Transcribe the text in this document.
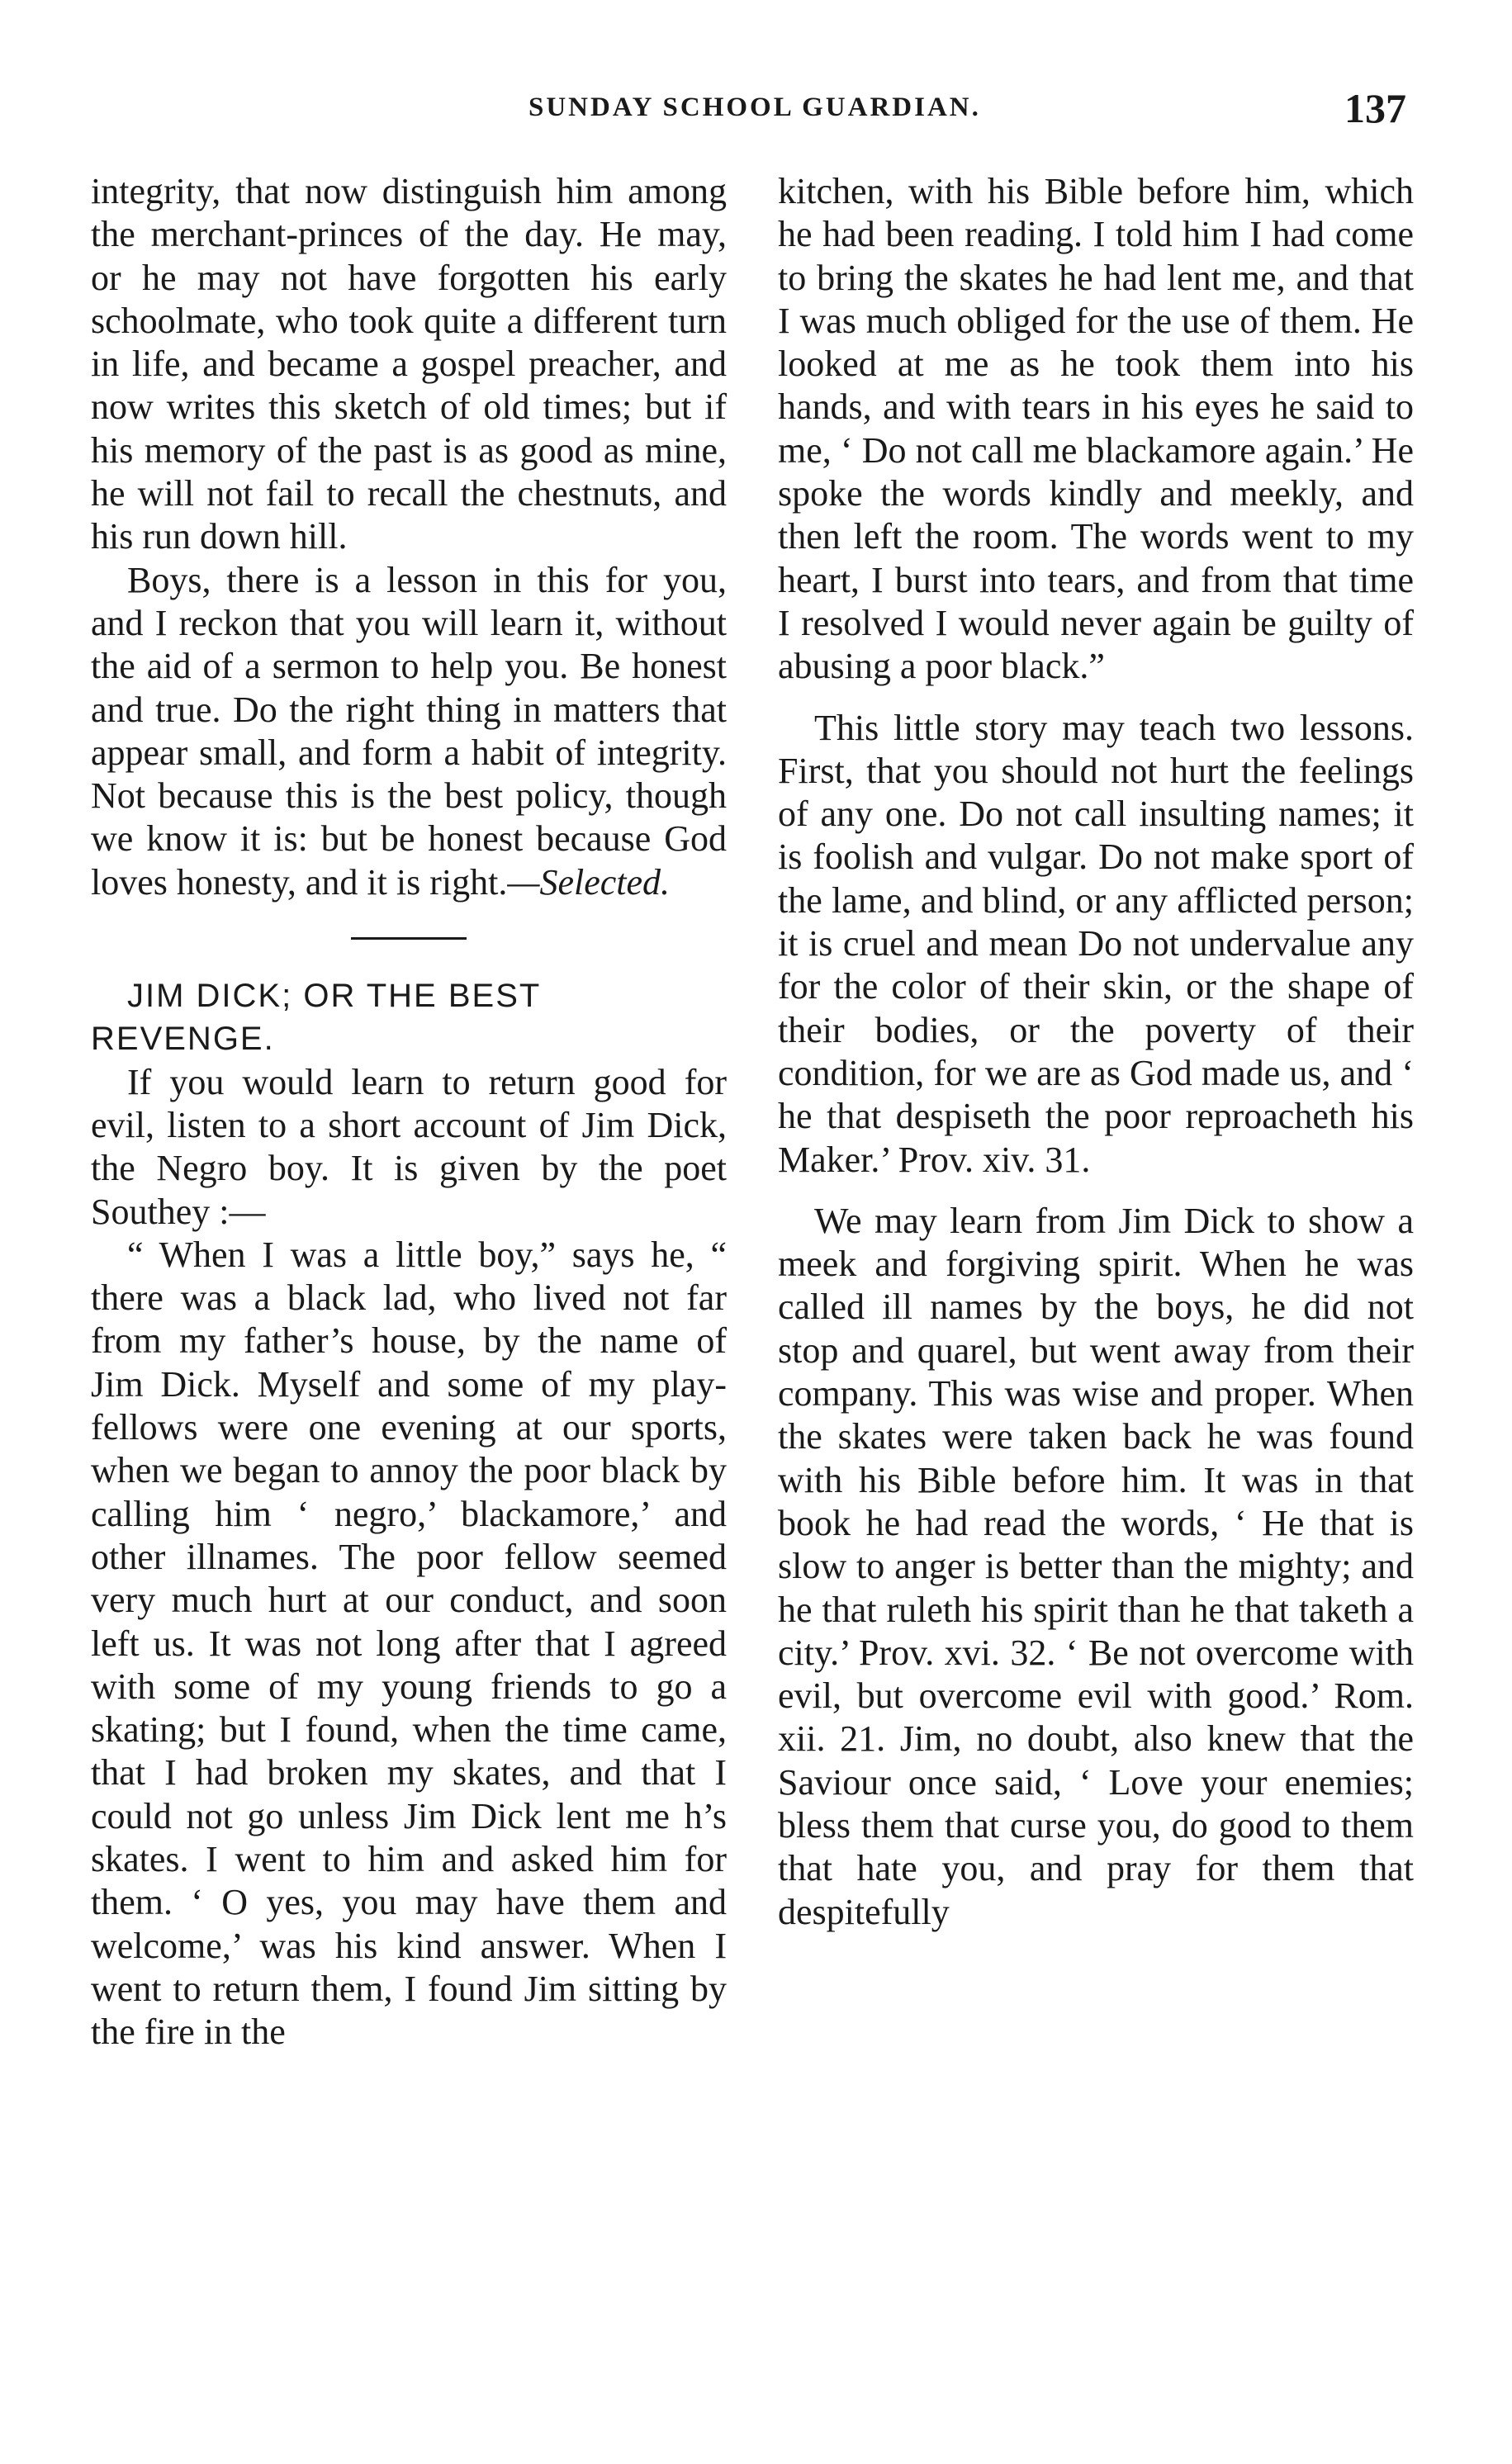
SUNDAY SCHOOL GUARDIAN.	137

integrity, that now distinguish him among the merchant-princes of the day. He may, or he may not have forgotten his early schoolmate, who took quite a different turn in life, and became a gospel preacher, and now writes this sketch of old times; but if his memory of the past is as good as mine, he will not fail to recall the chestnuts, and his run down hill.

Boys, there is a lesson in this for you, and I reckon that you will learn it, without the aid of a sermon to help you. Be honest and true. Do the right thing in matters that appear small, and form a habit of integrity. Not because this is the best policy, though we know it is: but be honest because God loves honesty, and it is right.—Selected.

JIM DICK; OR THE BEST REVENGE.

If you would learn to return good for evil, listen to a short account of Jim Dick, the Negro boy. It is given by the poet Southey :—

“ When I was a little boy,” says he, “ there was a black lad, who lived not far from my father’s house, by the name of Jim Dick. Myself and some of my play-fellows were one evening at our sports, when we began to annoy the poor black by calling him ‘ negro,’ blackamore,’ and other illnames. The poor fellow seemed very much hurt at our conduct, and soon left us. It was not long after that I agreed with some of my young friends to go a skating; but I found, when the time came, that I had broken my skates, and that I could not go unless Jim Dick lent me h’s skates. I went to him and asked him for them. ‘ O yes, you may have them and welcome,’ was his kind answer. When I went to return them, I found Jim sitting by the fire in the

kitchen, with his Bible before him, which he had been reading. I told him I had come to bring the skates he had lent me, and that I was much obliged for the use of them. He looked at me as he took them into his hands, and with tears in his eyes he said to me, ‘ Do not call me blackamore again.’ He spoke the words kindly and meekly, and then left the room. The words went to my heart, I burst into tears, and from that time I resolved I would never again be guilty of abusing a poor black.”

This little story may teach two lessons. First, that you should not hurt the feelings of any one. Do not call insulting names; it is foolish and vulgar. Do not make sport of the lame, and blind, or any afflicted person; it is cruel and mean Do not undervalue any for the color of their skin, or the shape of their bodies, or the poverty of their condition, for we are as God made us, and ‘ he that despiseth the poor reproacheth his Maker.’ Prov. xiv. 31.

We may learn from Jim Dick to show a meek and forgiving spirit. When he was called ill names by the boys, he did not stop and quarel, but went away from their company. This was wise and proper. When the skates were taken back he was found with his Bible before him. It was in that book he had read the words, ‘ He that is slow to anger is better than the mighty; and he that ruleth his spirit than he that taketh a city.’ Prov. xvi. 32. ‘ Be not overcome with evil, but overcome evil with good.’ Rom. xii. 21. Jim, no doubt, also knew that the Saviour once said, ‘ Love your enemies; bless them that curse you, do good to them that hate you, and pray for them that despitefully
